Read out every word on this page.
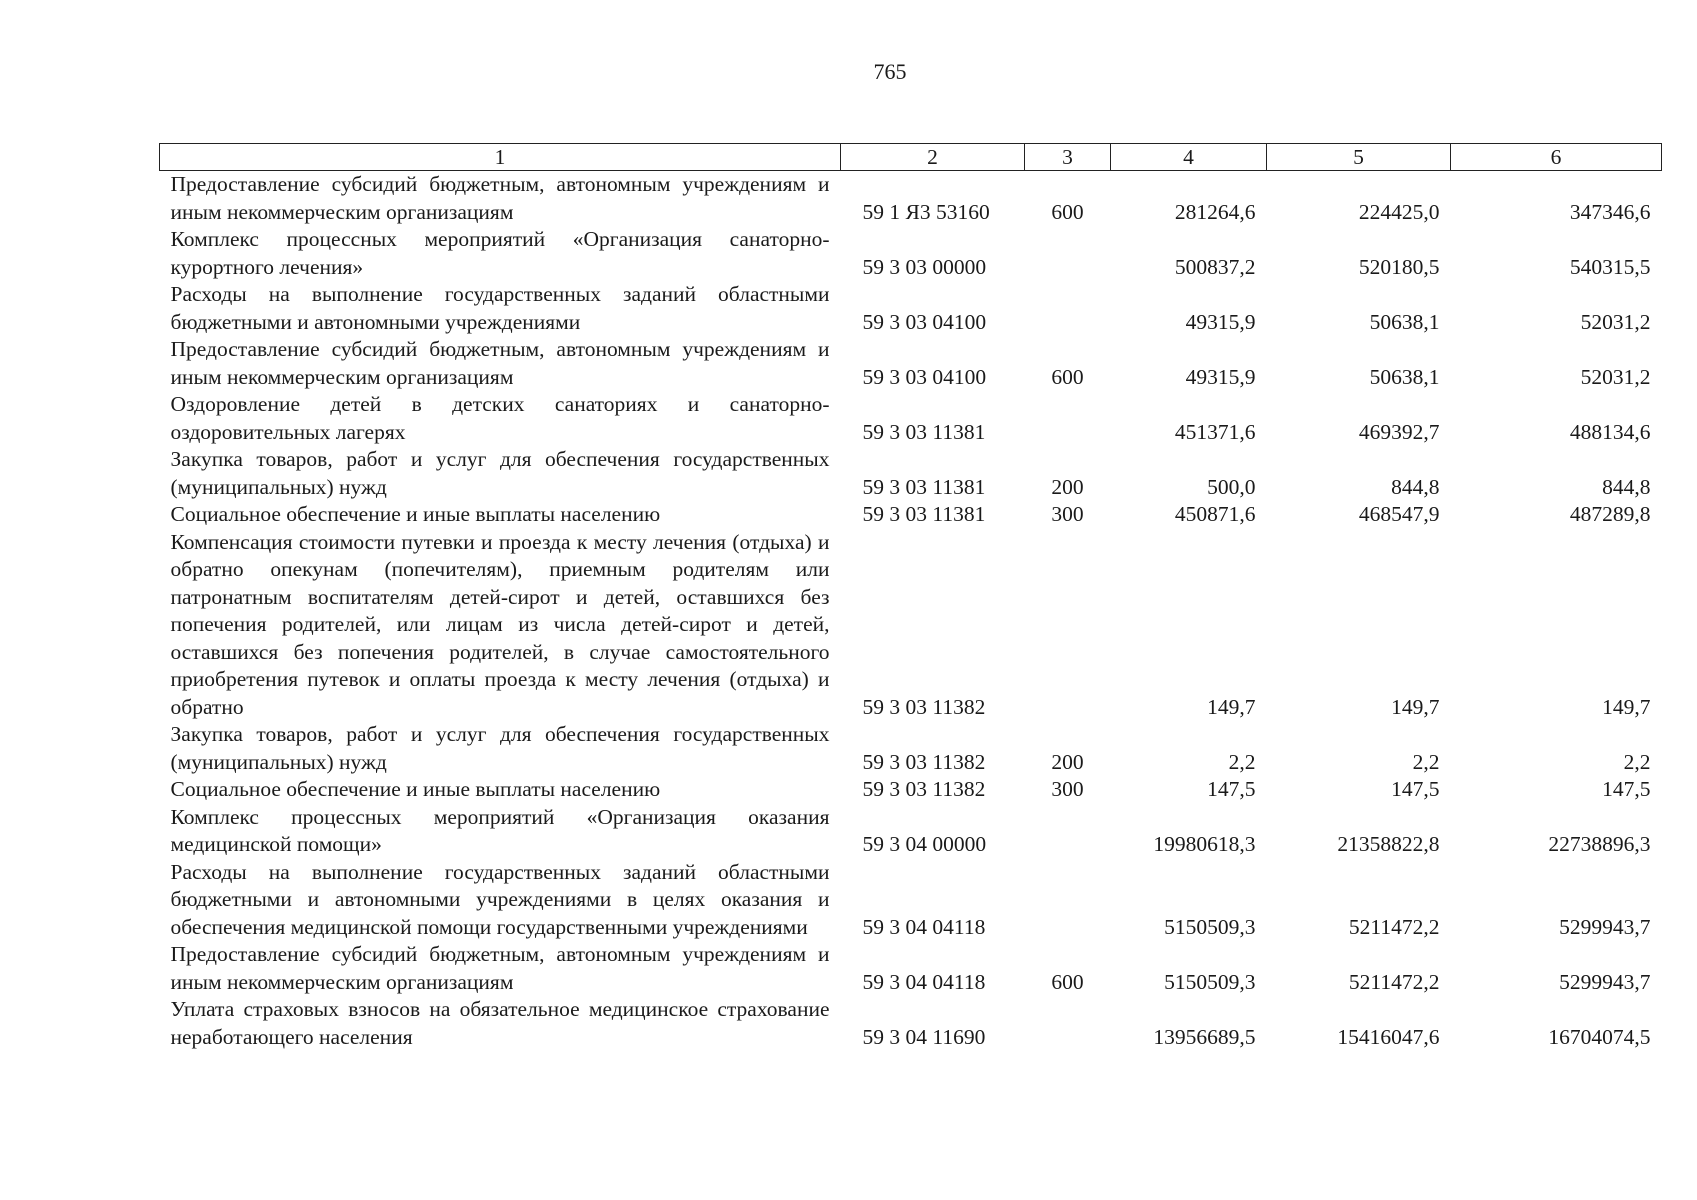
765
1	2	3	4	5	6
Предоставление субсидий бюджетным, автономным учреждениям и иным некоммерческим организациям	59 1 Я3 53160	600	281264,6	224425,0	347346,6
Комплекс процессных мероприятий «Организация санаторно-курортного лечения»	59 3 03 00000		500837,2	520180,5	540315,5
Расходы на выполнение государственных заданий областными бюджетными и автономными учреждениями	59 3 03 04100		49315,9	50638,1	52031,2
Предоставление субсидий бюджетным, автономным учреждениям и иным некоммерческим организациям	59 3 03 04100	600	49315,9	50638,1	52031,2
Оздоровление детей в детских санаториях и санаторно-оздоровительных лагерях	59 3 03 11381		451371,6	469392,7	488134,6
Закупка товаров, работ и услуг для обеспечения государственных (муниципальных) нужд	59 3 03 11381	200	500,0	844,8	844,8
Социальное обеспечение и иные выплаты населению	59 3 03 11381	300	450871,6	468547,9	487289,8
Компенсация стоимости путевки и проезда к месту лечения (отдыха) и обратно опекунам (попечителям), приемным родителям или патронатным воспитателям детей-сирот и детей, оставшихся без попечения родителей, или лицам из числа детей-сирот и детей, оставшихся без попечения родителей, в случае самостоятельного приобретения путевок и оплаты проезда к месту лечения (отдыха) и обратно	59 3 03 11382		149,7	149,7	149,7
Закупка товаров, работ и услуг для обеспечения государственных (муниципальных) нужд	59 3 03 11382	200	2,2	2,2	2,2
Социальное обеспечение и иные выплаты населению	59 3 03 11382	300	147,5	147,5	147,5
Комплекс процессных мероприятий «Организация оказания медицинской помощи»	59 3 04 00000		19980618,3	21358822,8	22738896,3
Расходы на выполнение государственных заданий областными бюджетными и автономными учреждениями в целях оказания и обеспечения медицинской помощи государственными учреждениями	59 3 04 04118		5150509,3	5211472,2	5299943,7
Предоставление субсидий бюджетным, автономным учреждениям и иным некоммерческим организациям	59 3 04 04118	600	5150509,3	5211472,2	5299943,7
Уплата страховых взносов на обязательное медицинское страхование неработающего населения	59 3 04 11690		13956689,5	15416047,6	16704074,5
